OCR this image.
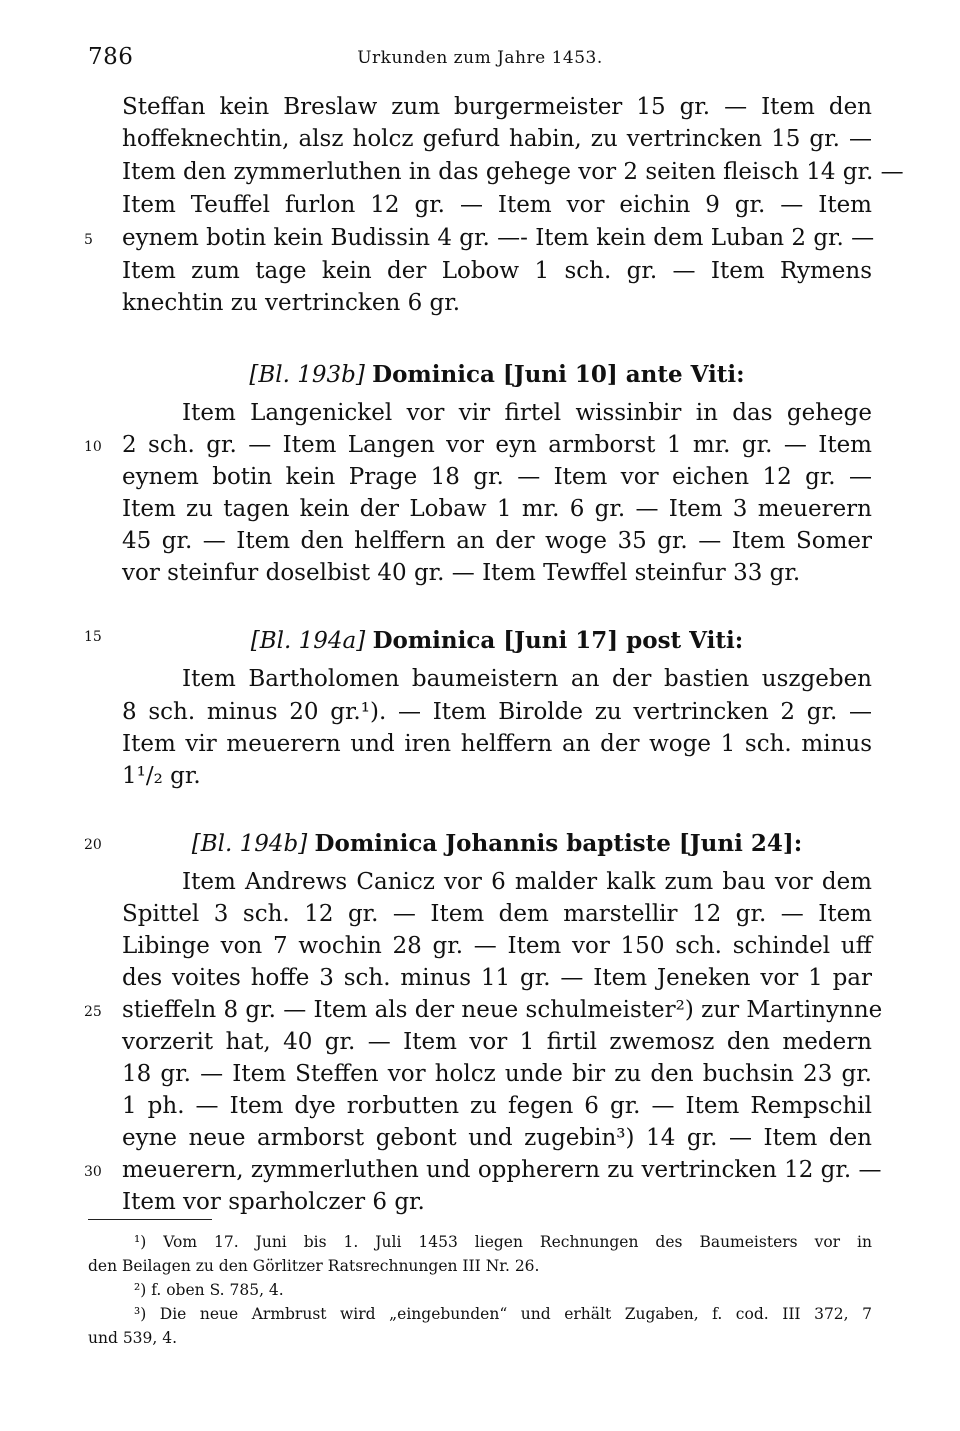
786	Urkunden zum Jahre 1453.
Steffan kein Breslaw zum burgermeister 15 gr. — Item den
hoffeknechtin, alsz holcz gefurd habin, zu vertrincken 15 gr. —
Item den zymmerluthen in das gehege vor 2 seiten fleisch 14 gr. —
Item Teuffel furlon 12 gr. — Item vor eichin 9 gr. — Item
eynem botin kein Budissin 4 gr. —- Item kein dem Luban 2 gr. —
Item zum tage kein der Lobow 1 sch. gr. — Item Rymens
knechtin zu vertrincken 6 gr.
[Bl. 193b] Dominica [Juni 10] ante Viti:
Item Langenickel vor vir firtel wissinbir in das gehege
2 sch. gr. — Item Langen vor eyn armborst 1 mr. gr. — Item
eynem botin kein Prage 18 gr. — Item vor eichen 12 gr. —
Item zu tagen kein der Lobaw 1 mr. 6 gr. — Item 3 meuerern
45 gr. — Item den helffern an der woge 35 gr. — Item Somer
vor steinfur doselbist 40 gr. — Item Tewffel steinfur 33 gr.
[Bl. 194a] Dominica [Juni 17] post Viti:
Item Bartholomen baumeistern an der bastien uszgeben
8 sch. minus 20 gr.¹). — Item Birolde zu vertrincken 2 gr. —
Item vir meuerern und iren helffern an der woge 1 sch. minus
1¹/₂ gr.
[Bl. 194b] Dominica Johannis baptiste [Juni 24]:
Item Andrews Canicz vor 6 malder kalk zum bau vor dem
Spittel 3 sch. 12 gr. — Item dem marstellir 12 gr. — Item
Libinge von 7 wochin 28 gr. — Item vor 150 sch. schindel uff
des voites hoffe 3 sch. minus 11 gr. — Item Jeneken vor 1 par
stieffeln 8 gr. — Item als der neue schulmeister²) zur Martinynne
vorzerit hat, 40 gr. — Item vor 1 firtil zwemosz den medern
18 gr. — Item Steffen vor holcz unde bir zu den buchsin 23 gr.
1 ph. — Item dye rorbutten zu fegen 6 gr. — Item Rempschil
eyne neue armborst gebont und zugebin³) 14 gr. — Item den
meuerern, zymmerluthen und oppherern zu vertrincken 12 gr. —
Item vor sparholczer 6 gr.
5
10
15
20
25
30
¹) Vom 17. Juni bis 1. Juli 1453 liegen Rechnungen des Baumeisters vor in
den Beilagen zu den Görlitzer Ratsrechnungen III Nr. 26.
²) f. oben S. 785, 4.
³) Die neue Armbrust wird „eingebunden“ und erhält Zugaben, f. cod. III 372, 7
und 539, 4.
